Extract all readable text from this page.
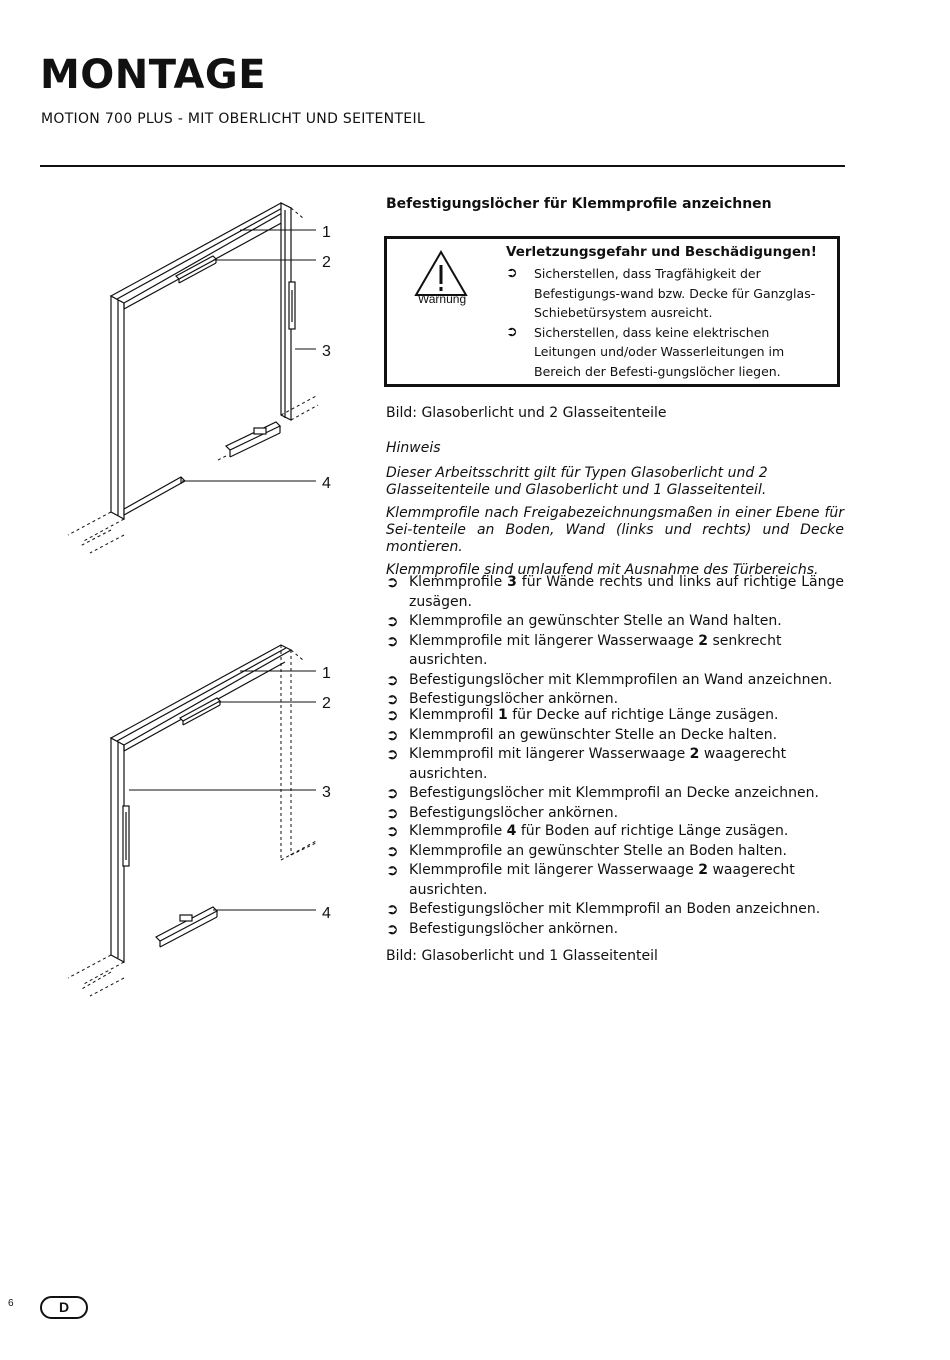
MONTAGE
MOTION 700 PLUS - MIT OBERLICHT UND SEITENTEIL
1
2
3
4
1
2
3
4
Befestigungslöcher für Klemmprofile anzeichnen
Warnung
Verletzungsgefahr und Beschädigungen!
➲	Sicherstellen, dass Tragfähigkeit der Befestigungs-wand bzw. Decke für Ganzglas-Schiebetürsystem ausreicht.
➲	Sicherstellen, dass keine elektrischen Leitungen und/oder Wasserleitungen im Bereich der Befesti-gungslöcher liegen.
Bild: Glasoberlicht und 2 Glasseitenteile

Hinweis

Dieser Arbeitsschritt gilt für Typen Glasoberlicht und 2 Glasseitenteile und Glasoberlicht und 1 Glasseitenteil.

Klemmprofile nach Freigabezeichnungsmaßen in einer Ebene für Sei-tenteile an Boden, Wand (links und rechts) und Decke montieren.

Klemmprofile sind umlaufend mit Ausnahme des Türbereichs.

➲ Klemmprofile 3 für Wände rechts und links auf richtige Länge zusägen.
➲ Klemmprofile an gewünschter Stelle an Wand halten.
➲ Klemmprofile mit längerer Wasserwaage 2 senkrecht ausrichten.
➲ Befestigungslöcher mit Klemmprofilen an Wand anzeichnen.
➲ Befestigungslöcher ankörnen.
➲ Klemmprofil 1 für Decke auf richtige Länge zusägen.
➲ Klemmprofil an gewünschter Stelle an Decke halten.
➲ Klemmprofil mit längerer Wasserwaage 2 waagerecht ausrichten.
➲ Befestigungslöcher mit Klemmprofil an Decke anzeichnen.
➲ Befestigungslöcher ankörnen.
➲ Klemmprofile 4 für Boden auf richtige Länge zusägen.
➲ Klemmprofile an gewünschter Stelle an Boden halten.
➲ Klemmprofile mit längerer Wasserwaage 2 waagerecht ausrichten.
➲ Befestigungslöcher mit Klemmprofil an Boden anzeichnen.
➲ Befestigungslöcher ankörnen.
Bild: Glasoberlicht und 1 Glasseitenteil
6	D
